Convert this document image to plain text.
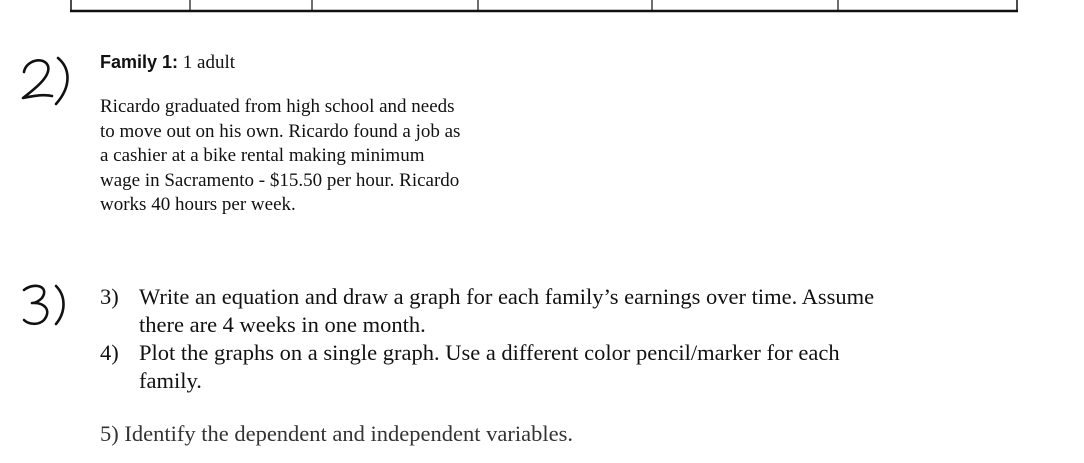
Family 1: 1 adult
Ricardo graduated from high school and needs
to move out on his own. Ricardo found a job as
a cashier at a bike rental making minimum
wage in Sacramento - $15.50 per hour. Ricardo
works 40 hours per week.
3) Write an equation and draw a graph for each family’s earnings over time. Assume
there are 4 weeks in one month.
4) Plot the graphs on a single graph. Use a different color pencil/marker for each
family.
5) Identify the dependent and independent variables.
